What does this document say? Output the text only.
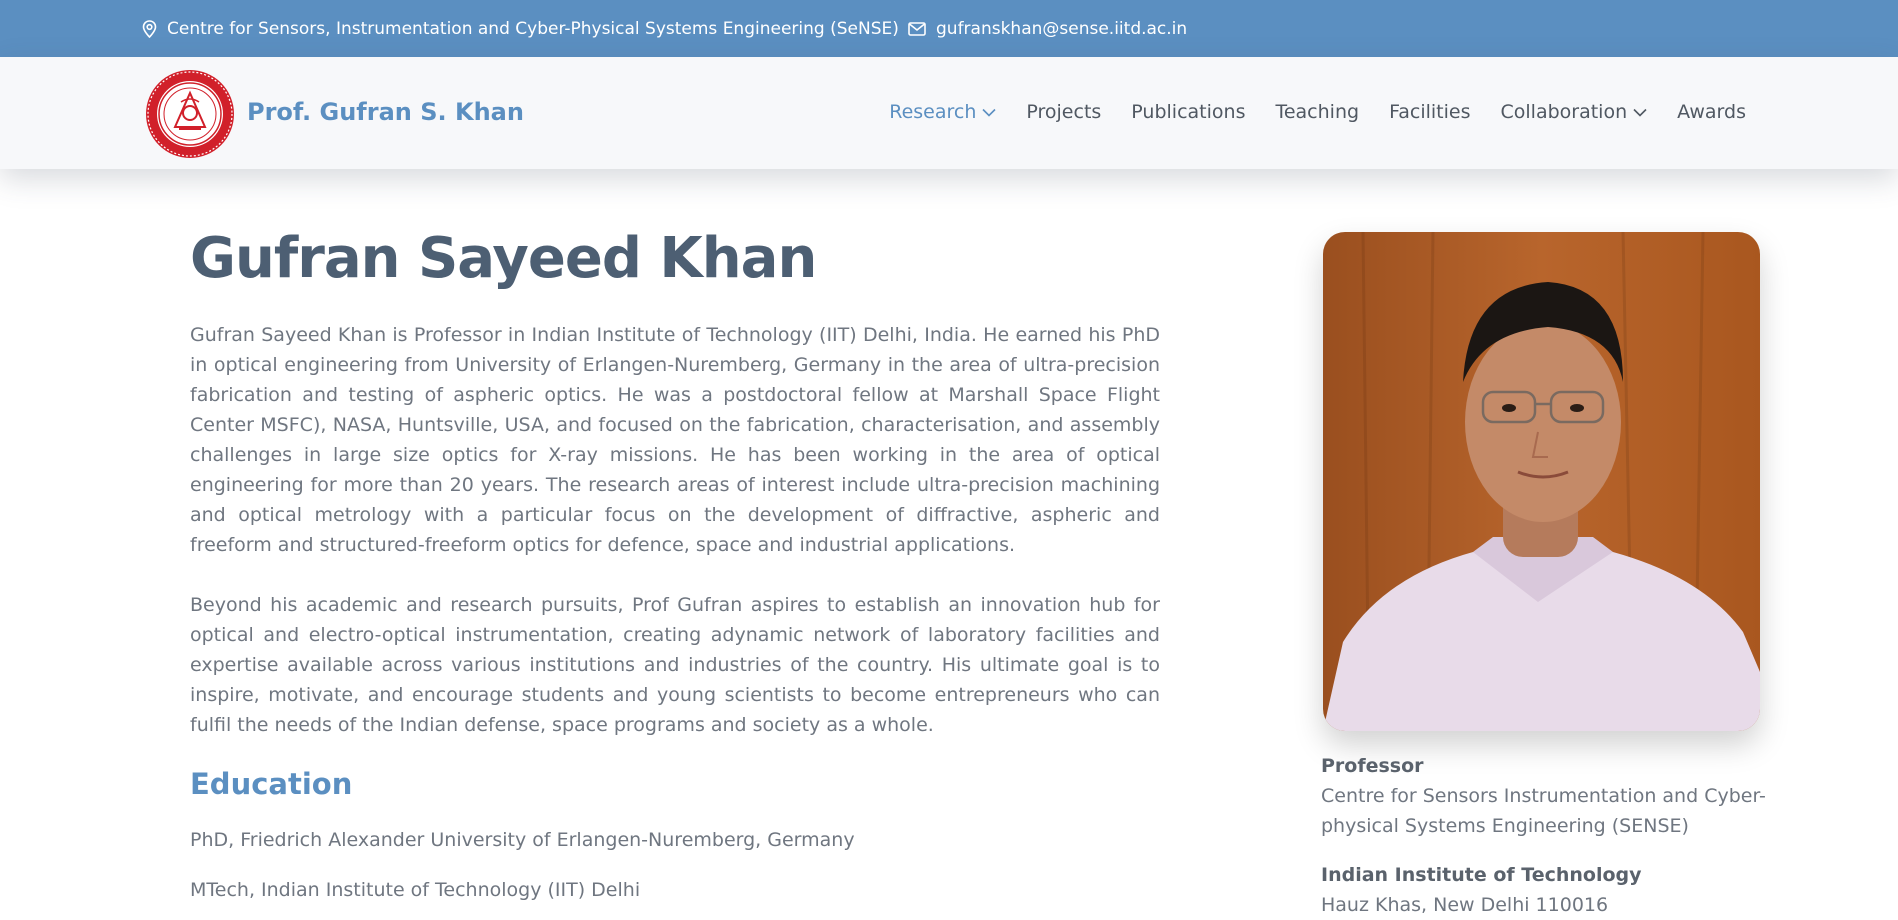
Centre for Sensors, Instrumentation and Cyber-Physical Systems Engineering (SeNSE) gufranskhan@sense.iitd.ac.in
Prof. Gufran S. Khan	Research	Projects Publications Teaching Facilities Collaboration	Awards
Gufran Sayeed Khan

Gufran Sayeed Khan is Professor in Indian Institute of Technology (IIT) Delhi, India. He earned his PhD in optical engineering from University of Erlangen-Nuremberg, Germany in the area of ultra-precision fabrication and testing of aspheric optics. He was a postdoctoral fellow at Marshall Space Flight Center MSFC), NASA, Huntsville, USA, and focused on the fabrication, characterisation, and assembly challenges in large size optics for X-ray missions. He has been working in the area of optical engineering for more than 20 years. The research areas of interest include ultra-precision machining and optical metrology with a particular focus on the development of diffractive, aspheric and freeform and structured-freeform optics for defence, space and industrial applications.

Beyond his academic and research pursuits, Prof Gufran aspires to establish an innovation hub for optical and electro-optical instrumentation, creating adynamic network of laboratory facilities and expertise available across various institutions and industries of the country. His ultimate goal is to inspire, motivate, and encourage students and young scientists to become entrepreneurs who can fulfil the needs of the Indian defense, space programs and society as a whole.

Education

PhD, Friedrich Alexander University of Erlangen-Nuremberg, Germany

MTech, Indian Institute of Technology (IIT) Delhi

Professor
Centre for Sensors Instrumentation and Cyber-physical Systems Engineering (SENSE)
Indian Institute of Technology
Hauz Khas, New Delhi 110016
